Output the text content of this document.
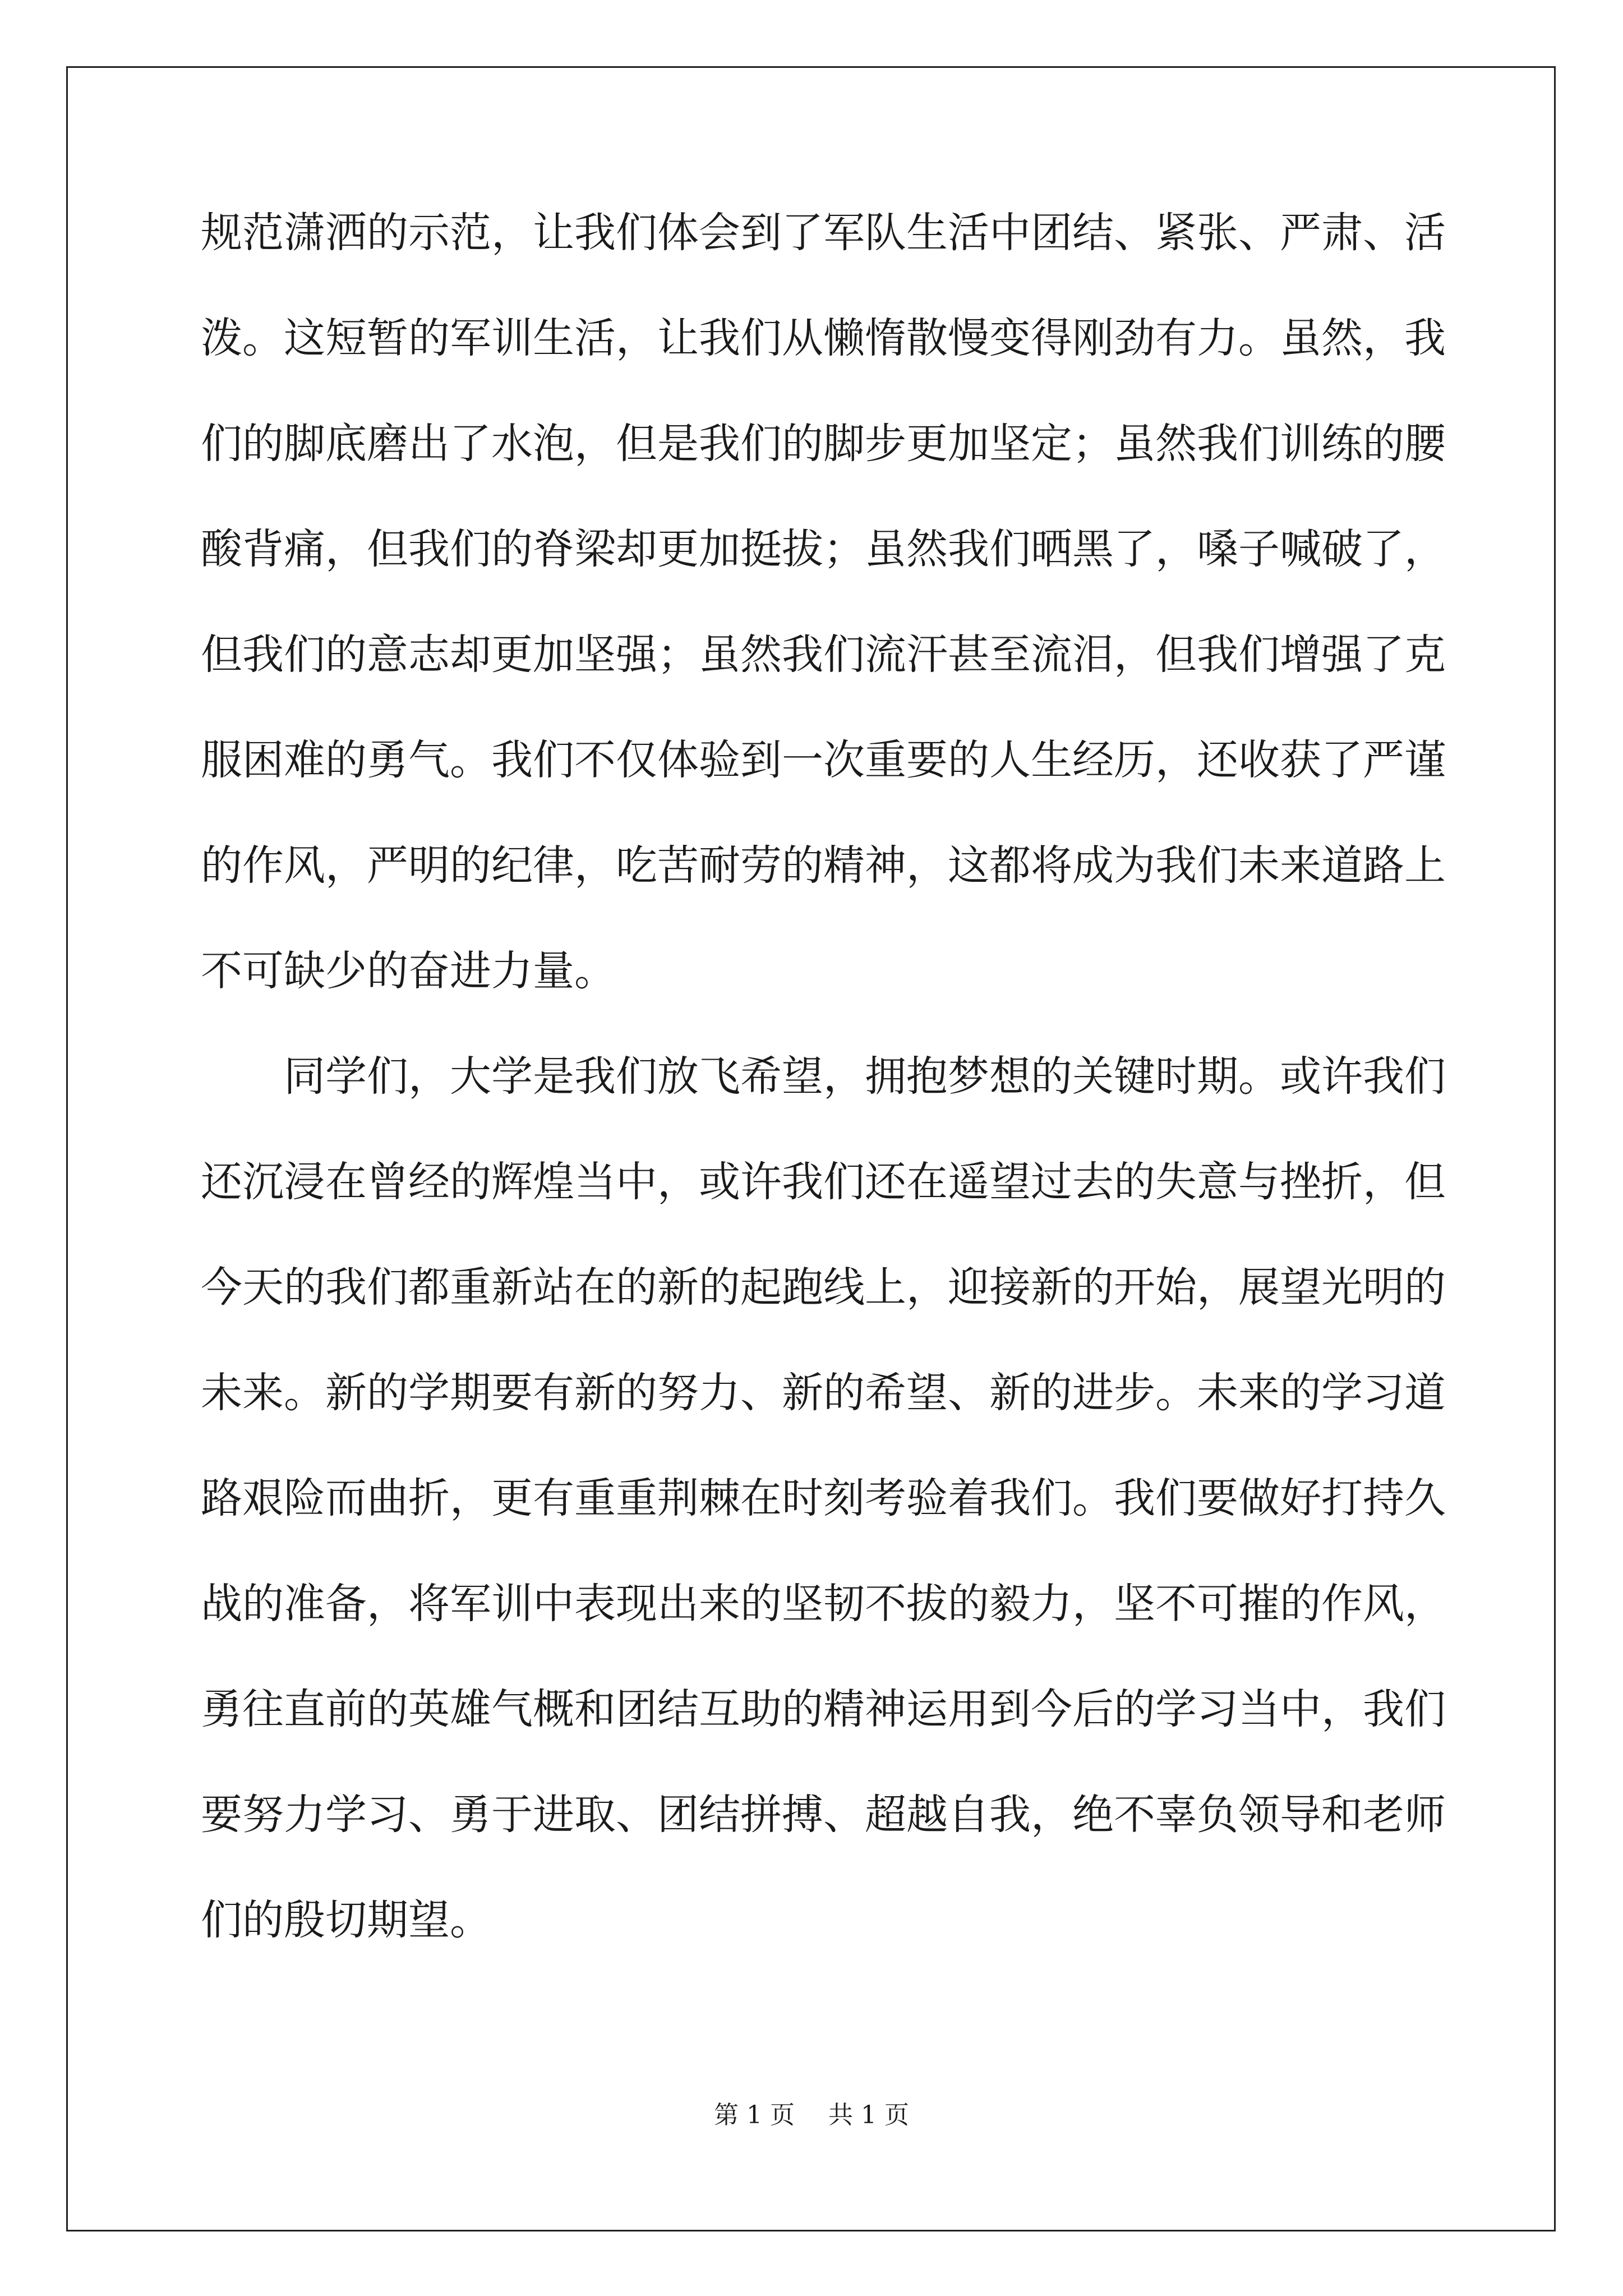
规范潇洒的示范，让我们体会到了军队生活中团结、紧张、严肃、活
泼。这短暂的军训生活，让我们从懒惰散慢变得刚劲有力。虽然，我
们的脚底磨出了水泡，但是我们的脚步更加坚定；虽然我们训练的腰
酸背痛，但我们的脊梁却更加挺拔；虽然我们晒黑了，嗓子喊破了，
但我们的意志却更加坚强；虽然我们流汗甚至流泪，但我们增强了克
服困难的勇气。我们不仅体验到一次重要的人生经历，还收获了严谨
的作风，严明的纪律，吃苦耐劳的精神，这都将成为我们未来道路上
不可缺少的奋进力量。
　　同学们，大学是我们放飞希望，拥抱梦想的关键时期。或许我们
还沉浸在曾经的辉煌当中，或许我们还在遥望过去的失意与挫折，但
今天的我们都重新站在的新的起跑线上，迎接新的开始，展望光明的
未来。新的学期要有新的努力、新的希望、新的进步。未来的学习道
路艰险而曲折，更有重重荆棘在时刻考验着我们。我们要做好打持久
战的准备，将军训中表现出来的坚韧不拔的毅力，坚不可摧的作风，
勇往直前的英雄气概和团结互助的精神运用到今后的学习当中，我们
要努力学习、勇于进取、团结拼搏、超越自我，绝不辜负领导和老师
们的殷切期望。
第 1 页 共 1 页
